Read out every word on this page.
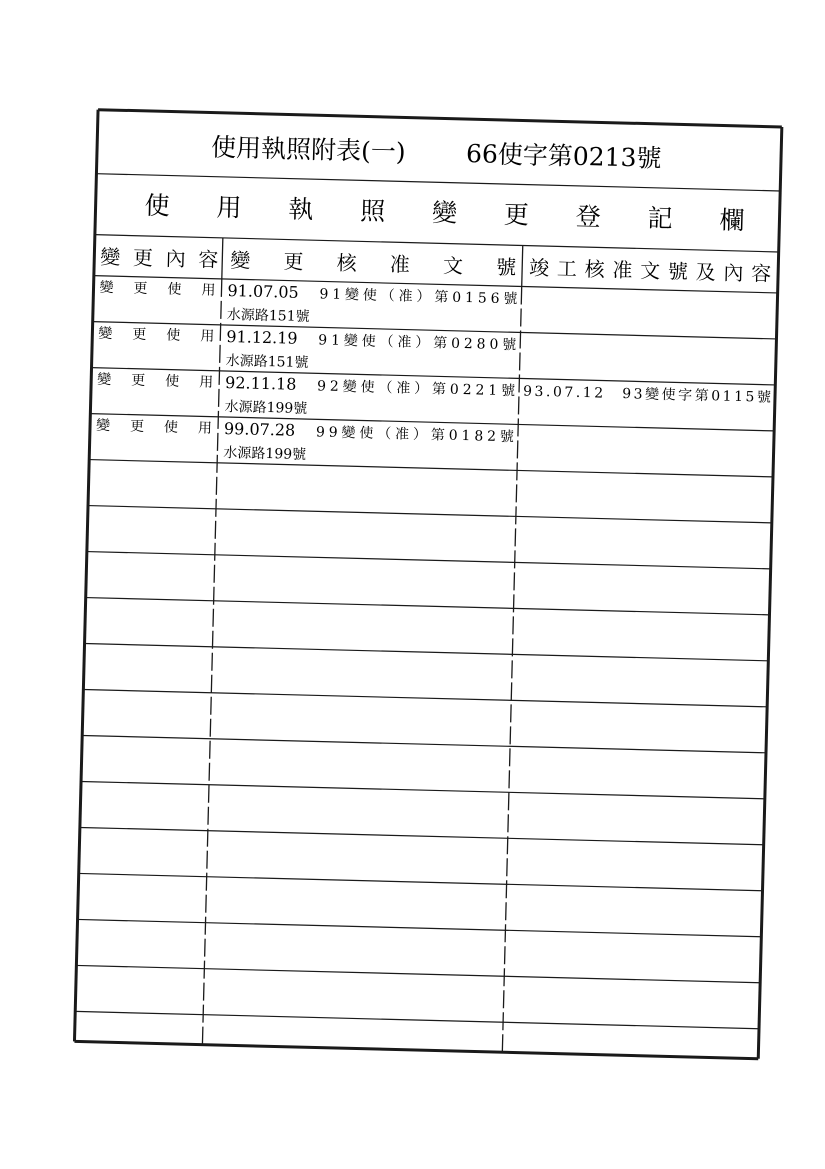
使用執照附表(一) 66使字第0213號
使用執照變更登記欄
變更內容 變更核准文號 竣工核准文號及內容
變更使用 91.07.05 91變使（准）第0156號
水源路151號
變更使用 91.12.19 91變使（准）第0280號
水源路151號
變更使用 92.11.18 92變使（准）第0221號
水源路199號
93.07.12　93變使字第0115號
變更使用 99.07.28 99變使（准）第0182號
水源路199號
